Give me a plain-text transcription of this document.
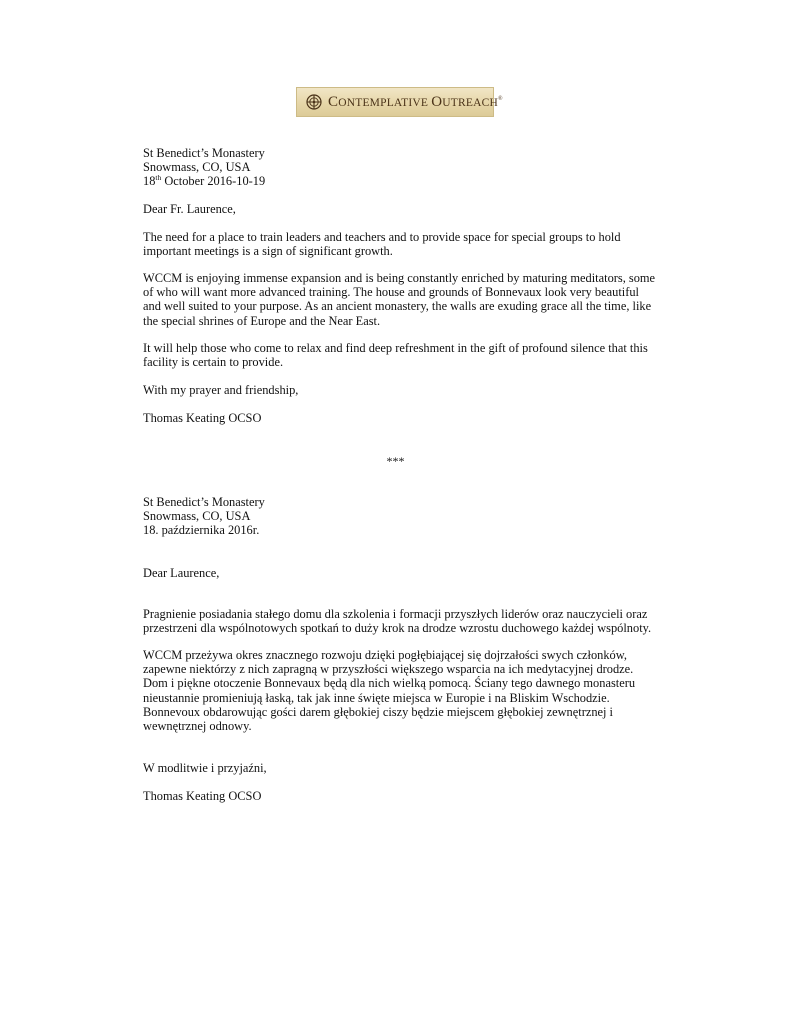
CONTEMPLATIVE OUTREACH®
St Benedict’s Monastery
Snowmass, CO, USA
18th October 2016-10-19
Dear Fr. Laurence,

The need for a place to train leaders and teachers and to provide space for special groups to hold

important meetings is a sign of significant growth.

WCCM is enjoying immense expansion and is being constantly enriched by maturing meditators, some

of who will want more advanced training. The house and grounds of Bonnevaux look very beautiful

and well suited to your purpose. As an ancient monastery, the walls are exuding grace all the time, like

the special shrines of Europe and the Near East.

It will help those who come to relax and find deep refreshment in the gift of profound silence that this

facility is certain to provide.

With my prayer and friendship,
Thomas Keating OCSO
***
St Benedict’s Monastery
Snowmass, CO, USA
18. października 2016r.
Dear Laurence,

Pragnienie posiadania stałego domu dla szkolenia i formacji przyszłych liderów oraz nauczycieli oraz

przestrzeni dla wspólnotowych spotkań to duży krok na drodze wzrostu duchowego każdej wspólnoty.

WCCM przeżywa okres znacznego rozwoju dzięki pogłębiającej się dojrzałości swych członków,

zapewne niektórzy z nich zapragną w przyszłości większego wsparcia na ich medytacyjnej drodze.

Dom i piękne otoczenie Bonnevaux będą dla nich wielką pomocą. Ściany tego dawnego monasteru

nieustannie promieniują łaską, tak jak inne święte miejsca w Europie i na Bliskim Wschodzie.

Bonnevoux obdarowując gości darem głębokiej ciszy będzie miejscem głębokiej zewnętrznej i

wewnętrznej odnowy.

W modlitwie i przyjaźni,
Thomas Keating OCSO
